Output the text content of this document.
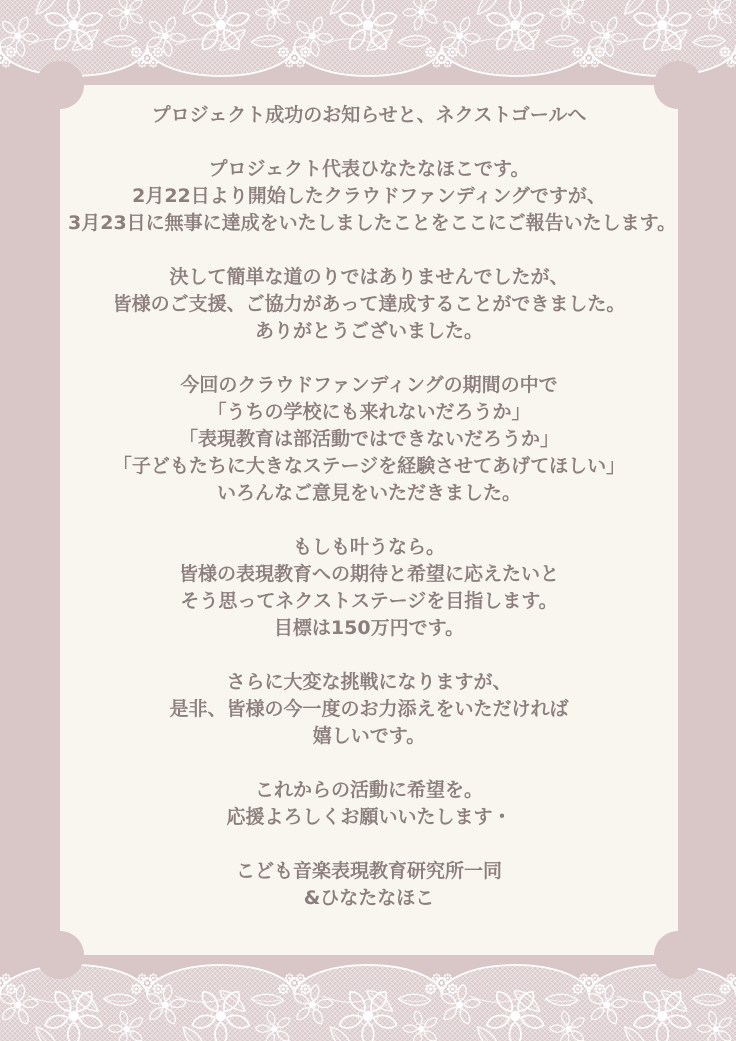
プロジェクト成功のお知らせと、ネクストゴールへ

プロジェクト代表ひなたなほこです。
2月22日より開始したクラウドファンディングですが、
3月23日に無事に達成をいたしましたことをここにご報告いたします。

決して簡単な道のりではありませんでしたが、
皆様のご支援、ご協力があって達成することができました。
ありがとうございました。

今回のクラウドファンディングの期間の中で
「うちの学校にも来れないだろうか」
「表現教育は部活動ではできないだろうか」
「子どもたちに大きなステージを経験させてあげてほしい」
いろんなご意見をいただきました。

もしも叶うなら。
皆様の表現教育への期待と希望に応えたいと
そう思ってネクストステージを目指します。
目標は150万円です。

さらに大変な挑戦になりますが、
是非、皆様の今一度のお力添えをいただければ
嬉しいです。

これからの活動に希望を。
応援よろしくお願いいたします・

こども音楽表現教育研究所一同
&ひなたなほこ
